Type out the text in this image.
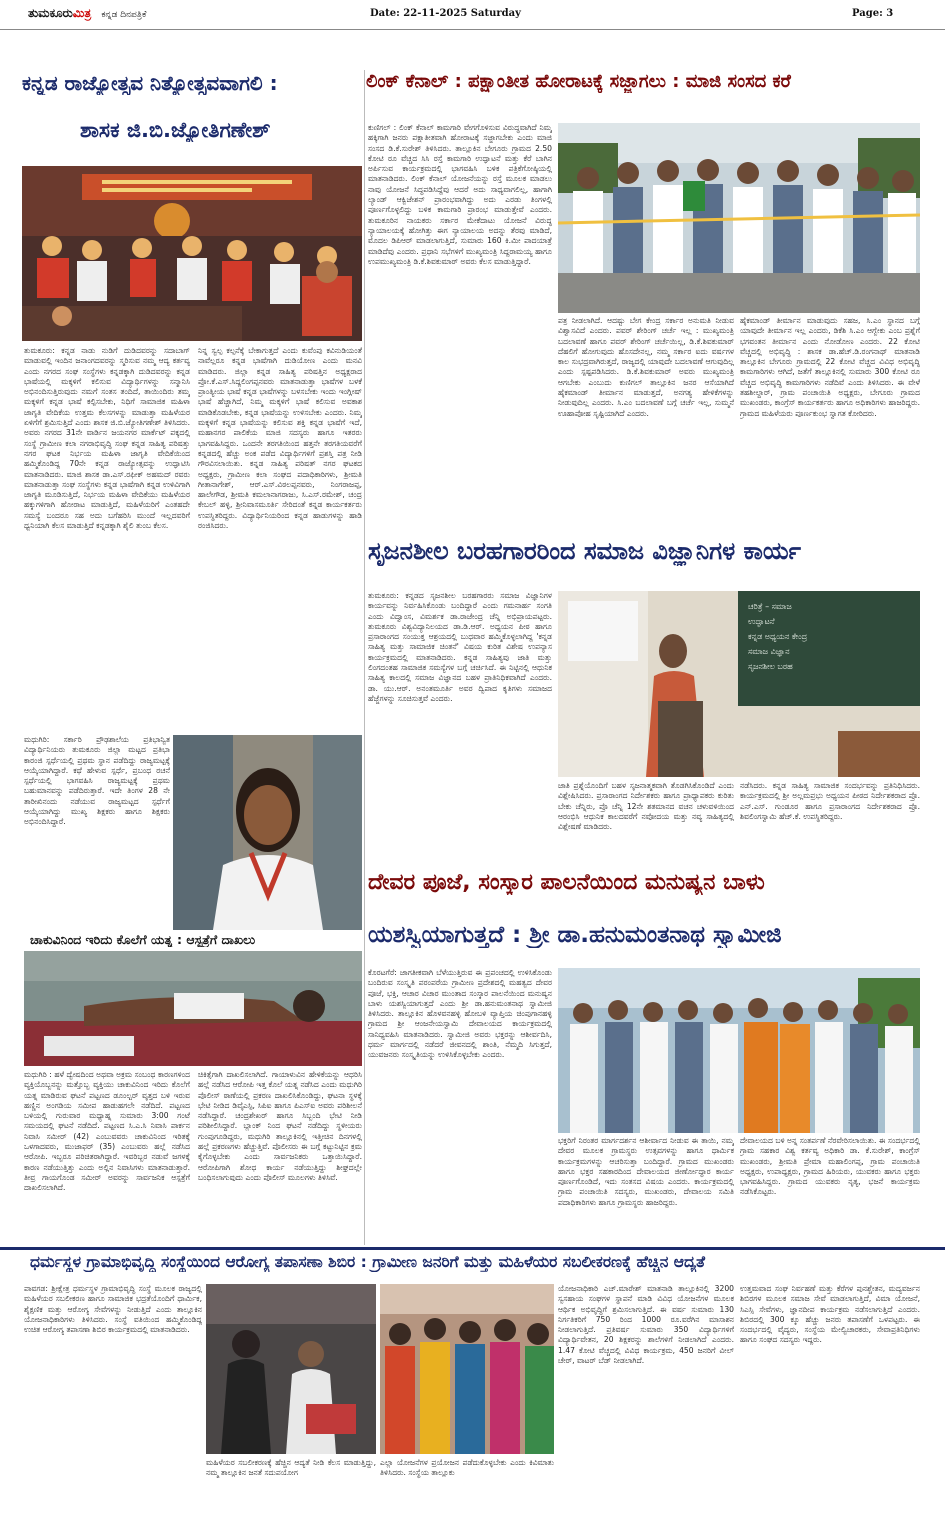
ತುಮಕೂರುಮಿತ್ರ ಕನ್ನಡ ದಿನಪತ್ರಿಕೆ	Date: 22-11-2025 Saturday	Page: 3
ಕನ್ನಡ ರಾಜ್ಯೋತ್ಸವ ನಿತ್ಯೋತ್ಸವವಾಗಲಿ :
ಶಾಸಕ ಜಿ.ಬಿ.ಜ್ಯೋತಿಗಣೇಶ್
ತುಮಕೂರು: ಕನ್ನಡ ನಾಡು ನುಡಿಗೆ ದುಡಿದವರನ್ನು ಸದಾಬಾಗ್ ಮಾಡುವಲ್ಲಿ ಇಂದಿನ ಜನಾಂಗದವರನ್ನು ಸ್ಮರಿಸುವ ನಮ್ಮ ಆದ್ಯ ಕರ್ತವ್ಯ ಎಂದು ನಗರದ ಸಂಘ ಸಂಸ್ಥೆಗಳು ಕನ್ನಡಕ್ಕಾಗಿ ದುಡಿದವರನ್ನು ಕನ್ನಡ ಭಾಷೆಯಲ್ಲಿ ಮಕ್ಕಳಿಗೆ ಕಲಿಸುವ ವಿದ್ಯಾರ್ಥಿಗಳನ್ನು ಸನ್ಮಾನಿಸಿ ಅಭಿನಂದಿಸುತ್ತಿರುವುದು ನಮಗೆ ಸಂತಸ ತಂದಿದೆ, ತಾಯಿಂದಿರು ತಮ್ಮ ಮಕ್ಕಳಿಗೆ ಕನ್ನಡ ಭಾಷೆ ಕಲ್ಪಿಸಬೇಕು, ನಿಧಿಗೆ ಸಾಮಾಜಿಕ ಮಹಿಳಾ ಜಾಗೃತಿ ವೇದಿಕೆಯ ಉತ್ತಮ ಕೆಲಸಗಳನ್ನು ಮಾಡುತ್ತಾ ಮಹಿಳೆಯರ ಏಳಿಗೆಗೆ ಶ್ರಮಿಸುತ್ತಿದೆ ಎಂದು ಶಾಸಕ ಜಿ.ಬಿ.ಜ್ಯೋತಿಗಣೇಶ್ ತಿಳಿಸಿದರು. ಅವರು ನಗರದ 31ನೇ ವಾರ್ಡಿನ ಜಯನಗರ ಮಾರ್ಕೆಟ್ ಪಕ್ಕದಲ್ಲಿ ಸಂಸ್ಥೆ ಗ್ರಾಮೀಣ ಕಲಾ ನಗರಾಭಿವೃದ್ಧಿ ಸಂಘ ಕನ್ನಡ ಸಾಹಿತ್ಯ ಪರಿಷತ್ತು ನಗರ ಘಟಕ ನಿರ್ಭಯ ಮಹಿಳಾ ಜಾಗೃತಿ ವೇದಿಕೆಯಿಂದ ಹಮ್ಮಿಕೊಂಡಿದ್ದ 70ನೇ ಕನ್ನಡ ರಾಜ್ಯೋತ್ಸವನ್ನು ಉದ್ಘಾಟಿಸಿ ಮಾತನಾಡಿದರು. ಮಾಜಿ ಶಾಸಕ ಡಾ.ಎಸ್.ರಫೀಕ್ ಅಹಮದ್ ರವರು ಮಾತನಾಡುತ್ತಾ ಸಂಘ ಸಂಸ್ಥೆಗಳು ಕನ್ನಡ ಭಾಷೆಗಾಗಿ ಕನ್ನಡ ಉಳಿವಿಗಾಗಿ ಜಾಗೃತಿ ಮೂಡಿಸುತ್ತಿದೆ, ನಿರ್ಭಯ ಮಹಿಳಾ ವೇದಿಕೆಯು ಮಹಿಳೆಯರ ಹಕ್ಕುಗಳಿಗಾಗಿ ಹೋರಾಟ ಮಾಡುತ್ತಿದೆ, ಮಹಿಳೆಯರಿಗೆ ಎಂತಹದೇ ಸಮಸ್ಯೆ ಬಂದರೂ ಸಹ ಅದು ಬಗೆಹರಿಸಿ ಮುಂದೆ ಇಲ್ಲದವರಿಗೆ ಧ್ವನಿಯಾಗಿ ಕೆಲಸ ಮಾಡುತ್ತಿದೆ ಕನ್ನಡಕ್ಕಾಗಿ ಶೈಲಿ ತುಂಬ ಕೆಲಸ.
ನಿನ್ನ ಸ್ವಲ್ಪ ಕಲ್ಪನೆಕ್ಕೆ ಬೇಕಾಗುತ್ತದೆ ಎಂದು ಕುವೆಂಪು ಕವಿನುಡಿಯಂತೆ ನಾವೆಲ್ಲರೂ ಕನ್ನಡ ಭಾಷೆಗಾಗಿ ದುಡಿಯೋಣ ಎಂದು ಮನವಿ ಮಾಡಿದರು. ಜಿಲ್ಲಾ ಕನ್ನಡ ಸಾಹಿತ್ಯ ಪರಿಷತ್ತಿನ ಅಧ್ಯಕ್ಷರಾದ ಪ್ರೋ.ಕೆ.ಎಸ್.ಸಿದ್ದಲಿಂಗಪ್ಪನವರು ಮಾತನಾಡುತ್ತಾ ಭಾಷೆಗಳ ಬಳಕೆ ಪ್ರಾಂತ್ಯೀಯ ಭಾಷೆ ಕನ್ನಡ ಭಾಷೆಗಳನ್ನು ಬಳಸಬೇಕು ಇಂದು ಇಂಗ್ಲೀಷ್ ಭಾಷೆ ಹೆಚ್ಚಾಗಿದೆ, ನಿಮ್ಮ ಮಕ್ಕಳಿಗೆ ಭಾಷೆ ಕಲಿಸುವ ಅವಕಾಶ ಮಾಡಿಕೊಡಬೇಕು, ಕನ್ನಡ ಭಾಷೆಯನ್ನು ಉಳಿಸಬೇಕು ಎಂದರು. ನಿಮ್ಮ ಮಕ್ಕಳಿಗೆ ಕನ್ನಡ ಭಾಷೆಯನ್ನು ಕಲಿಸುವ ಶಕ್ತಿ ಕನ್ನಡ ಭಾಷೆಗೆ ಇದೆ, ಮಹಾನಗರ ಪಾಲಿಕೆಯ ಮಾಜಿ ಸದಸ್ಯರು ಹಾಗೂ ಇತರರು ಭಾಗವಹಿಸಿದ್ದರು. ಒಂದನೇ ತರಗತಿಯಿಂದ ಹತ್ತನೇ ತರಗತಿಯವರೆಗೆ ಕನ್ನಡದಲ್ಲಿ ಹೆಚ್ಚು ಅಂಕ ಪಡೆದ ವಿದ್ಯಾರ್ಥಿಗಳಿಗೆ ಪ್ರಶಸ್ತಿ ಪತ್ರ ನೀಡಿ ಗೌರವಿಸಲಾಯಿತು. ಕನ್ನಡ ಸಾಹಿತ್ಯ ಪರಿಷತ್ ನಗರ ಘಟಕದ ಅಧ್ಯಕ್ಷರು, ಗ್ರಾಮೀಣ ಕಲಾ ಸಂಘದ ಪದಾಧಿಕಾರಿಗಳು, ಶ್ರೀಮತಿ ಗೀತಾನಾಗೇಶ್, ಆರ್.ಎಸ್.ವಿಠಲಪ್ಪನವರು, ನಿಂಗರಾಜಪ್ಪ, ಹಾಲೇಗೌಡ, ಶ್ರೀಮತಿ ಕಮಲಾನಾಗರಾಜು, ಸಿ.ಎಸ್.ರಮೇಶ್, ಚಂದ್ರ ಕೇಬಲ್ ಹಳ್ಳಿ, ಶ್ರೀನಿವಾಸಮೂರ್ತಿ ಸೇರಿದಂತೆ ಕನ್ನಡ ಕಾರ್ಯಕರ್ತರು ಉಪಸ್ಥಿತರಿದ್ದರು. ವಿದ್ಯಾರ್ಥಿನಿಯರಿಂದ ಕನ್ನಡ ಹಾಡುಗಳನ್ನು ಹಾಡಿ ರಂಜಿಸಿದರು.
ಮಧುಗಿರಿ: ಸರ್ಕಾರಿ ಪ್ರೌಢಶಾಲೆಯ ಪ್ರತಿಭಾನ್ವಿತ ವಿದ್ಯಾರ್ಥಿನಿಯರು ತುಮಕೂರು ಜಿಲ್ಲಾ ಮಟ್ಟದ ಪ್ರತಿಭಾ ಕಾರಂಜಿ ಸ್ಪರ್ಧೆಯಲ್ಲಿ ಪ್ರಥಮ ಸ್ಥಾನ ಪಡೆದಿದ್ದು ರಾಜ್ಯಮಟ್ಟಕ್ಕೆ ಆಯ್ಕೆಯಾಗಿದ್ದಾರೆ. ಕಥೆ ಹೇಳುವ ಸ್ಪರ್ಧೆ, ಪ್ರಬಂಧ ರಚನೆ ಸ್ಪರ್ಧೆಯಲ್ಲಿ ಭಾಗವಹಿಸಿ ರಾಜ್ಯಮಟ್ಟಕ್ಕೆ ಪ್ರಥಮ ಬಹುಮಾನವನ್ನು ಪಡೆದಿರುತ್ತಾರೆ. ಇದೇ ತಿಂಗಳ 28 ನೇ ತಾರೀಖಿನಂದು ನಡೆಯುವ ರಾಜ್ಯಮಟ್ಟದ ಸ್ಪರ್ಧೆಗೆ ಆಯ್ಕೆಯಾಗಿದ್ದು ಮುಖ್ಯ ಶಿಕ್ಷಕರು ಹಾಗೂ ಶಿಕ್ಷಕರು ಅಭಿನಂದಿಸಿದ್ದಾರೆ.
ಚಾಕುವಿನಿಂದ ಇರಿದು ಕೊಲೆಗೆ ಯತ್ನ : ಆಸ್ಪತ್ರೆಗೆ ದಾಖಲು
ಮಧುಗಿರಿ : ಹಳೆ ದ್ವೇಷದಿಂದ ಅಥವಾ ಅಕ್ರಮ ಸಂಬಂಧ ಕಾರಣಗಳಿಂದ ವ್ಯಕ್ತಿಯೊಬ್ಬನನ್ನು ಮತ್ತೊಬ್ಬ ವ್ಯಕ್ತಿಯು ಚಾಕುವಿನಿಂದ ಇರಿದು ಕೊಲೆಗೆ ಯತ್ನ ಮಾಡಿರುವ ಘಟನೆ ಪಟ್ಟಣದ ಡೂಂಲ್ಟರ್ ವೃತ್ತದ ಬಳಿ ಇರುವ ಹಣ್ಣಿನ ಅಂಗಡಿಯ ಸಮೀಪ ಹಾಡುಹಗಲೇ ನಡೆದಿದೆ. ಪಟ್ಟಣದ ಬಳಿಯಲ್ಲಿ ಗುರುವಾರ ಮಧ್ಯಾಹ್ನ ಸುಮಾರು 3:00 ಗಂಟೆ ಸಮಯದಲ್ಲಿ ಘಟನೆ ನಡೆದಿದೆ. ಪಟ್ಟಣದ ಸಿ.ಎ.ಸಿ ನಿವಾಸಿ ಪಾರ್ಕನ ನಿವಾಸಿ ಸಮೀರ್ (42) ಎಂಬುವವರು ಚಾಕುವಿನಿಂದ ಇರಿತಕ್ಕೆ ಒಳಗಾದವರು, ಮುಜಾಫರ್ (35) ಎಂಬುವರು ಹಲ್ಲೆ ನಡೆಸಿದ ಆರೋಪಿ. ಇಬ್ಬರೂ ಪರಿಚಿತರಾಗಿದ್ದಾರೆ. ಇವರಿಬ್ಬರ ನಡುವೆ ಜಗಳಕ್ಕೆ ಕಾರಣ ನಡೆಯುತ್ತಿತ್ತು ಎಂದು ಅಲ್ಲಿನ ನಿವಾಸಿಗಳು ಮಾತನಾಡುತ್ತಾರೆ. ತೀವ್ರ ಗಾಯಗೊಂಡ ಸಮೀರ್ ಅವರನ್ನು ಸಾರ್ವಜನಿಕ ಆಸ್ಪತ್ರೆಗೆ ದಾಖಲಿಸಲಾಗಿದೆ.
ಚಿಕಿತ್ಸೆಗಾಗಿ ದಾಖಲಿಸಲಾಗಿದೆ. ಗಾಯಾಳುವಿನ ಹೇಳಿಕೆಯನ್ನು ಆಧರಿಸಿ ಹಲ್ಲೆ ನಡೆಸಿದ ಆರೋಪಿ ಇತ್ತ ಕೊಲೆ ಯತ್ನ ನಡೆಸಿದ ಎಂದು ಮಧುಗಿರಿ ಪೊಲೀಸ್ ಠಾಣೆಯಲ್ಲಿ ಪ್ರಕರಣ ದಾಖಲಿಸಿಕೊಂಡಿದ್ದು, ಘಟನಾ ಸ್ಥಳಕ್ಕೆ ಭೇಟಿ ನೀಡಿದ ಡಿವೈಎಸ್ಪಿ, ಸಿಪಿಐ ಹಾಗೂ ಪಿಎಸ್ಐ ಅವರು ಪರಿಶೀಲನೆ ನಡೆಸಿದ್ದಾರೆ. ಚಂದ್ರಶೇಖರ್ ಹಾಗೂ ಸಿಬ್ಬಂದಿ ಭೇಟಿ ನೀಡಿ ಪರಿಶೀಲಿಸಿದ್ದಾರೆ. ಬ್ಲಾಂಕ್ ನಿಂದ ಘಟನೆ ನಡೆದಿದ್ದು ಸ್ಥಳೀಯರು ಗುಂಪುಗೂಡಿದ್ದರು, ಮಧುಗಿರಿ ತಾಲ್ಲೂಕಿನಲ್ಲಿ ಇತ್ತೀಚಿನ ದಿನಗಳಲ್ಲಿ ಹಲ್ಲೆ ಪ್ರಕರಣಗಳು ಹೆಚ್ಚುತ್ತಿವೆ. ಪೊಲೀಸರು ಈ ಬಗ್ಗೆ ಕಟ್ಟುನಿಟ್ಟಿನ ಕ್ರಮ ಕೈಗೊಳ್ಳಬೇಕು ಎಂದು ಸಾರ್ವಜನಿಕರು ಒತ್ತಾಯಿಸಿದ್ದಾರೆ. ಆರೋಪಿಗಾಗಿ ಶೋಧ ಕಾರ್ಯ ನಡೆಯುತ್ತಿದ್ದು ಶೀಘ್ರದಲ್ಲೇ ಬಂಧಿಸಲಾಗುವುದು ಎಂದು ಪೊಲೀಸ್ ಮೂಲಗಳು ತಿಳಿಸಿವೆ.
ಲಿಂಕ್ ಕೆನಾಲ್ : ಪಕ್ಷಾಂತೀತ ಹೋರಾಟಕ್ಕೆ ಸಜ್ಜಾಗಲು : ಮಾಜಿ ಸಂಸದ ಕರೆ
ಕುಣಿಗಲ್ : ಲಿಂಕ್ ಕೆನಾಲ್ ಕಾಮಗಾರಿ ವೇಗಗೊಳಿಸುವ ವಿರುದ್ಧವಾಗಿದೆ ನಿಮ್ಮ ಹಕ್ಕಿಗಾಗಿ ಜನರು ಪಕ್ಷಾತೀತವಾಗಿ ಹೋರಾಟಕ್ಕೆ ಸಜ್ಜಾಗಬೇಕು ಎಂದು ಮಾಜಿ ಸಂಸದ ಡಿ.ಕೆ.ಸುರೇಶ್ ತಿಳಿಸಿದರು. ತಾಲ್ಲೂಕಿನ ಬೇಗೂರು ಗ್ರಾಮದ 2.50 ಕೋಟಿ ರೂ ವೆಚ್ಚದ ಸಿಸಿ ರಸ್ತೆ ಕಾಮಗಾರಿ ಉದ್ಘಾಟನೆ ಮತ್ತು ಕೆರೆ ಬಾಗಿನ ಅರ್ಪಿಸುವ ಕಾರ್ಯಕ್ರಮದಲ್ಲಿ ಭಾಗವಹಿಸಿ ಬಳಿಕ ಪತ್ರಿಕೆಗೋಷ್ಠಿಯಲ್ಲಿ ಮಾತನಾಡಿದರು. ಲಿಂಕ್ ಕೆನಾಲ್ ಯೋಜನೆಯನ್ನು ರಸ್ತೆ ಮೂಲಕ ಮಾಡಲು ನಾವು ಯೋಜನೆ ಸಿದ್ಧಪಡಿಸಿದ್ದೆವು ಆದರೆ ಅದು ಸಾಧ್ಯವಾಗಲಿಲ್ಲ, ಹಾಗಾಗಿ ಲ್ಯಾಂಡ್ ಆಕ್ವಿಜೇಶನ್ ಪ್ರಾರಂಭವಾಗಿದ್ದು ಅದು ಎರಡು ತಿಂಗಳಲ್ಲಿ ಪೂರ್ಣಗೊಳ್ಳಲಿದ್ದು ಬಳಿಕ ಕಾಮಗಾರಿ ಪ್ರಾರಂಭ ಮಾಡುತ್ತೇವೆ ಎಂದರು. ತುಮಕೂರಿನ ನಾಯಕರು ಸರ್ಕಾರ ಮೇಕೆದಾಟು ಯೋಜನೆ ವಿರುದ್ಧ ನ್ಯಾಯಾಲಯಕ್ಕೆ ಹೋಗಿತ್ತು ಈಗ ನ್ಯಾಯಾಲಯ ಅದನ್ನು ತೆರವು ಮಾಡಿದೆ, ಮೊದಲ ಡಿಪಿಆರ್ ಮಾಡಲಾಗುತ್ತಿದೆ, ಸುಮಾರು 160 ಕಿ.ಮೀ ಪಾದಯಾತ್ರೆ ಮಾಡಿದೆವು ಎಂದರು. ಪ್ರಧಾನಿ ಸಭೆಗಳಿಗೆ ಮುಖ್ಯಮಂತ್ರಿ ಸಿದ್ದರಾಮಯ್ಯ ಹಾಗೂ ಉಪಮುಖ್ಯಮಂತ್ರಿ ಡಿ.ಕೆ.ಶಿವಕುಮಾರ್ ಅವರು ಕೆಲಸ ಮಾಡುತ್ತಿದ್ದಾರೆ.
ಪತ್ರ ನೀಡಲಾಗಿದೆ. ಆದಷ್ಟು ಬೇಗ ಕೇಂದ್ರ ಸರ್ಕಾರ ಅನುಮತಿ ನೀಡುವ ವಿಶ್ವಾಸವಿದೆ ಎಂದರು. ಪವರ್ ಶೇರಿಂಗ್ ಚರ್ಚೆ ಇಲ್ಲ : ಮುಖ್ಯಮಂತ್ರಿ ಬದಲಾವಣೆ ಹಾಗೂ ಪವರ್ ಶೇರಿಂಗ್ ಚರ್ಚೆಯಿಲ್ಲ, ಡಿ.ಕೆ.ಶಿವಕುಮಾರ್ ದೆಹಲಿಗೆ ಹೋಗುವುದು ಹೊಸದೇನಲ್ಲ, ನಮ್ಮ ಸರ್ಕಾರ ಐದು ವರ್ಷಗಳ ಕಾಲ ಸುಭದ್ರವಾಗಿರುತ್ತದೆ, ರಾಜ್ಯದಲ್ಲಿ ಯಾವುದೇ ಬದಲಾವಣೆ ಆಗುವುದಿಲ್ಲ ಎಂದು ಸ್ಪಷ್ಟಪಡಿಸಿದರು. ಡಿ.ಕೆ.ಶಿವಕುಮಾರ್ ಅವರು ಮುಖ್ಯಮಂತ್ರಿ ಆಗಬೇಕು ಎಂಬುದು ಕುಣಿಗಲ್ ತಾಲ್ಲೂಕಿನ ಜನರ ಆಸೆಯಾಗಿದೆ ಹೈಕಮಾಂಡ್ ತೀರ್ಮಾನ ಮಾಡುತ್ತದೆ, ಅನಗತ್ಯ ಹೇಳಿಕೆಗಳನ್ನು ನೀಡುವುದಿಲ್ಲ ಎಂದರು. ಸಿ.ಎಂ ಬದಲಾವಣೆ ಬಗ್ಗೆ ಚರ್ಚೆ ಇಲ್ಲ, ಸುಮ್ಮನೆ ಊಹಾಪೋಹ ಸೃಷ್ಟಿಯಾಗಿದೆ ಎಂದರು.
ಹೈಕಮಾಂಡ್ ತೀರ್ಮಾನ ಮಾಡುವುದು ಸಹಜ, ಸಿ.ಎಂ ಸ್ಥಾನದ ಬಗ್ಗೆ ಯಾವುದೇ ತೀರ್ಮಾನ ಇಲ್ಲ ಎಂದರು, ಡಿಕೆಶಿ ಸಿ.ಎಂ ಆಗ್ಬೇಕು ಎಂಬ ಪ್ರಶ್ನೆಗೆ ಭಗವಂತನ ತೀರ್ಮಾನ ಎಂದು ನೋಡೋಣ ಎಂದರು. 22 ಕೋಟಿ ವೆಚ್ಚದಲ್ಲಿ ಅಭಿವೃದ್ಧಿ : ಶಾಸಕ ಡಾ.ಹೆಚ್.ಡಿ.ರಂಗನಾಥ್ ಮಾತನಾಡಿ ತಾಲ್ಲೂಕಿನ ಬೇಗೂರು ಗ್ರಾಮದಲ್ಲಿ 22 ಕೋಟಿ ವೆಚ್ಚದ ವಿವಿಧ ಅಭಿವೃದ್ಧಿ ಕಾಮಗಾರಿಗಳು ಆಗಿದೆ, ಜತೆಗೆ ತಾಲ್ಲೂಕಿನಲ್ಲಿ ಸುಮಾರು 300 ಕೋಟಿ ರೂ ವೆಚ್ಚದ ಅಭಿವೃದ್ಧಿ ಕಾಮಗಾರಿಗಳು ನಡೆದಿವೆ ಎಂದು ತಿಳಿಸಿದರು. ಈ ವೇಳೆ ತಹಶೀಲ್ದಾರ್, ಗ್ರಾಮ ಪಂಚಾಯಿತಿ ಅಧ್ಯಕ್ಷರು, ಬೇಗೂರು ಗ್ರಾಮದ ಮುಖಂಡರು, ಕಾಂಗ್ರೆಸ್ ಕಾರ್ಯಕರ್ತರು ಹಾಗೂ ಅಧಿಕಾರಿಗಳು ಹಾಜರಿದ್ದರು. ಗ್ರಾಮದ ಮಹಿಳೆಯರು ಪೂರ್ಣಕುಂಭ ಸ್ವಾಗತ ಕೋರಿದರು.
ಸೃಜನಶೀಲ ಬರಹಗಾರರಿಂದ ಸಮಾಜ ವಿಜ್ಞಾನಿಗಳ ಕಾರ್ಯ
ತುಮಕೂರು: ಕನ್ನಡದ ಸೃಜನಶೀಲ ಬರಹಗಾರರು ಸಮಾಜ ವಿಜ್ಞಾನಿಗಳ ಕಾರ್ಯವನ್ನು ನಿರ್ವಹಿಸಿಕೊಂಡು ಬಂದಿದ್ದಾರೆ ಎಂದು ಗಮನಾರ್ಹ ಸಂಗತಿ ಎಂದು ವಿದ್ವಾಂಸ, ವಿಮರ್ಶಕ ಡಾ.ರಾಜೇಂದ್ರ ಚೆನ್ನಿ ಅಭಿಪ್ರಾಯಪಟ್ಟರು. ತುಮಕೂರು ವಿಶ್ವವಿದ್ಯಾನಿಲಯದ ಡಾ.ಡಿ.ಆರ್. ಅಧ್ಯಯನ ಪೀಠ ಹಾಗೂ ಪ್ರಸಾರಾಂಗದ ಸಂಯುಕ್ತ ಆಶ್ರಯದಲ್ಲಿ ಬುಧವಾರ ಹಮ್ಮಿಕೊಳ್ಳಲಾಗಿದ್ದ 'ಕನ್ನಡ ಸಾಹಿತ್ಯ ಮತ್ತು ಸಾಮಾಜಿಕ ಚಿಂತನೆ' ವಿಷಯ ಕುರಿತ ವಿಶೇಷ ಉಪನ್ಯಾಸ ಕಾರ್ಯಕ್ರಮದಲ್ಲಿ ಮಾತನಾಡಿದರು. ಕನ್ನಡ ಸಾಹಿತ್ಯವು ಜಾತಿ ಮತ್ತು ಲಿಂಗದಂತಹ ಸಾಮಾಜಿಕ ಸಮಸ್ಯೆಗಳ ಬಗ್ಗೆ ಚರ್ಚಿಸಿದೆ. ಈ ನಿಟ್ಟಿನಲ್ಲಿ ಆಧುನಿಕ ಸಾಹಿತ್ಯ ಕಾಲದಲ್ಲಿ ಸಮಾಜ ವಿಜ್ಞಾನದ ಬಹಳ ಪ್ರಾತಿನಿಧಿಕವಾಗಿದೆ ಎಂದರು. ಡಾ. ಯು.ಆರ್. ಅನಂತಮೂರ್ತಿ ಅವರ ದ್ವಿಪಾದ ಕೃತಿಗಳು ಸಮಾಜದ ಹೆಜ್ಜೆಗಳನ್ನು ಸೂಚಿಸುತ್ತವೆ ಎಂದರು.
ಚರಿತ್ರೆ – ಸಮಾಜ
ಉದ್ಘಾಟನೆ
ಕನ್ನಡ ಅಧ್ಯಯನ ಕೇಂದ್ರ
ಸಮಾಜ ವಿಜ್ಞಾನ
ಸೃಜನಶೀಲ ಬರಹ
ಜಾತಿ ಪ್ರಶ್ನೆಯೊಂದಿಗೆ ಬಹಳ ಸೃಜನಾತ್ಮಕವಾಗಿ ತೊಡಗಿಸಿಕೊಂಡಿದೆ ಎಂದು ವಿಶ್ಲೇಷಿಸಿದರು. ಪ್ರಸಾರಾಂಗದ ನಿರ್ದೇಶಕರು ಹಾಗೂ ಪ್ರಾಧ್ಯಾಪಕರು ಕುರಿತು ಬೇಕು ಚೆನ್ನಿರು, ಪ್ರೊ ಚೆನ್ನಿ 12ನೇ ಶತಮಾನದ ವಚನ ಚಳುವಳಿಯಿಂದ ಆರಂಭಿಸಿ ಆಧುನಿಕ ಕಾಲದವರೆಗೆ ನವೋದಯ ಮತ್ತು ನವ್ಯ ಸಾಹಿತ್ಯದಲ್ಲಿ ವಿಶ್ಲೇಷಣೆ ಮಾಡಿದರು.
ನಡೆಸಿದರು. ಕನ್ನಡ ಸಾಹಿತ್ಯ ಸಾಮಾಜಿಕ ಸಂದರ್ಭವನ್ನು ಪ್ರತಿನಿಧಿಸಿದರು. ಕಾರ್ಯಕ್ರಮದಲ್ಲಿ ಶ್ರೀ ಅಲ್ಲಮಪ್ರಭು ಅಧ್ಯಯನ ಪೀಠದ ನಿರ್ದೇಶಕರಾದ ಪ್ರೊ. ಎನ್.ಎಸ್. ಗುಂಡೂರ ಹಾಗೂ ಪ್ರಸಾರಾಂಗದ ನಿರ್ದೇಶಕರಾದ ಪ್ರೊ. ಶಿವಲಿಂಗಸ್ವಾಮಿ ಹೆಚ್.ಕೆ. ಉಪಸ್ಥಿತರಿದ್ದರು.
ದೇವರ ಪೂಜೆ, ಸಂಸ್ಕಾರ ಪಾಲನೆಯಿಂದ ಮನುಷ್ಯನ ಬಾಳು
ಯಶಸ್ವಿಯಾಗುತ್ತದೆ : ಶ್ರೀ ಡಾ.ಹನುಮಂತನಾಥ ಸ್ವಾಮೀಜಿ
ಕೊರಟಗೆರೆ: ಜಾಗತೀಕವಾಗಿ ಬೆಳೆಯುತ್ತಿರುವ ಈ ಪ್ರಪಂಚದಲ್ಲಿ ಉಳಿಸಿಕೊಂಡು ಬಂದಿರುವ ಸಂಸ್ಕೃತಿ ಪರಂಪರೆಯ ಗ್ರಾಮೀಣ ಪ್ರದೇಶದಲ್ಲಿ ಮಹತ್ವದ ದೇವರ ಪೂಜೆ, ಭಕ್ತಿ, ಆಚಾರ ವಿಚಾರ ಮುಂತಾದ ಸಂಸ್ಕಾರ ಪಾಲನೆಯಿಂದ ಮನುಷ್ಯನ ಬಾಳು ಯಶಸ್ವಿಯಾಗುತ್ತದೆ ಎಂದು ಶ್ರೀ ಡಾ.ಹನುಮಂತನಾಥ ಸ್ವಾಮೀಜಿ ತಿಳಿಸಿದರು. ತಾಲ್ಲೂಕಿನ ಹೊಳವನಹಳ್ಳಿ ಹೋಬಳಿ ವ್ಯಾಪ್ತಿಯ ಚಿಂಪುಗಾನಹಳ್ಳಿ ಗ್ರಾಮದ ಶ್ರೀ ಆಂಜನೇಯಸ್ವಾಮಿ ದೇವಾಲಯದ ಕಾರ್ಯಕ್ರಮದಲ್ಲಿ ಸಾನಿಧ್ಯವಹಿಸಿ ಮಾತನಾಡಿದರು. ಸ್ವಾಮೀಜಿ ಅವರು ಭಕ್ತರನ್ನು ಆಶೀರ್ವದಿಸಿ, ಧರ್ಮ ಮಾರ್ಗದಲ್ಲಿ ನಡೆದರೆ ಜೀವನದಲ್ಲಿ ಶಾಂತಿ, ನೆಮ್ಮದಿ ಸಿಗುತ್ತದೆ, ಯುವಜನರು ಸಂಸ್ಕೃತಿಯನ್ನು ಉಳಿಸಿಕೊಳ್ಳಬೇಕು ಎಂದರು.
ಭಕ್ತರಿಗೆ ನಿರಂತರ ಮಾರ್ಗದರ್ಶನ ಆಶೀರ್ವಾದ ನೀಡುವ ಈ ತಾಯಿ, ನಮ್ಮ ದೇವರ ಮೂಲಕ ಗ್ರಾಮಸ್ಥರು ಉತ್ಸವಗಳನ್ನು ಹಾಗೂ ಧಾರ್ಮಿಕ ಕಾರ್ಯಕ್ರಮಗಳನ್ನು ಆಚರಿಸುತ್ತಾ ಬಂದಿದ್ದಾರೆ. ಗ್ರಾಮದ ಮುಖಂಡರು ಹಾಗೂ ಭಕ್ತರ ಸಹಕಾರದಿಂದ ದೇವಾಲಯದ ಜೀರ್ಣೋದ್ಧಾರ ಕಾರ್ಯ ಪೂರ್ಣಗೊಂಡಿದೆ, ಇದು ಸಂತಸದ ವಿಷಯ ಎಂದರು. ಕಾರ್ಯಕ್ರಮದಲ್ಲಿ ಗ್ರಾಮ ಪಂಚಾಯಿತಿ ಸದಸ್ಯರು, ಮುಖಂಡರು, ದೇವಾಲಯ ಸಮಿತಿ ಪದಾಧಿಕಾರಿಗಳು ಹಾಗೂ ಗ್ರಾಮಸ್ಥರು ಹಾಜರಿದ್ದರು.
ದೇವಾಲಯದ ಬಳಿ ಅನ್ನ ಸಂತರ್ಪಣೆ ನೆರವೇರಿಸಲಾಯಿತು. ಈ ಸಂದರ್ಭದಲ್ಲಿ ಗ್ರಾಮ ಸಹಕಾರ ವಿಶ್ವ ಕರ್ತವ್ಯ ಅಧಿಕಾರಿ ಡಾ. ಕೆ.ಸುರೇಶ್, ಕಾಂಗ್ರೆಸ್ ಮುಖಂಡರು, ಶ್ರೀಮತಿ ಪ್ರೇಮಾ ಮಹಾಲಿಂಗಪ್ಪ, ಗ್ರಾಮ ಪಂಚಾಯಿತಿ ಅಧ್ಯಕ್ಷರು, ಉಪಾಧ್ಯಕ್ಷರು, ಗ್ರಾಮದ ಹಿರಿಯರು, ಯುವಕರು ಹಾಗೂ ಭಕ್ತರು ಭಾಗವಹಿಸಿದ್ದರು. ಗ್ರಾಮದ ಯುವಕರು ನೃತ್ಯ, ಭಜನೆ ಕಾರ್ಯಕ್ರಮ ನಡೆಸಿಕೊಟ್ಟರು.
ಧರ್ಮಸ್ಥಳ ಗ್ರಾಮಾಭಿವೃದ್ಧಿ ಸಂಸ್ಥೆಯಿಂದ ಆರೋಗ್ಯ ತಪಾಸಣಾ ಶಿಬಿರ : ಗ್ರಾಮೀಣ ಜನರಿಗೆ ಮತ್ತು ಮಹಿಳೆಯರ ಸಬಲೀಕರಣಕ್ಕೆ ಹೆಚ್ಚಿನ ಆದ್ಯತೆ
ಪಾವಗಡ: ಶ್ರೀಕ್ಷೇತ್ರ ಧರ್ಮಸ್ಥಳ ಗ್ರಾಮಾಭಿವೃದ್ಧಿ ಸಂಸ್ಥೆ ಮೂಲಕ ರಾಜ್ಯದಲ್ಲಿ ಮಹಿಳೆಯರ ಸಬಲೀಕರಣ ಹಾಗೂ ಸಾಮಾಜಿಕ ಭದ್ರತೆಯೊಂದಿಗೆ ಧಾರ್ಮಿಕ, ಶೈಕ್ಷಣಿಕ ಮತ್ತು ಆರೋಗ್ಯ ಸೇವೆಗಳನ್ನು ನೀಡುತ್ತಿದೆ ಎಂದು ತಾಲ್ಲೂಕಿನ ಯೋಜನಾಧಿಕಾರಿಗಳು ತಿಳಿಸಿದರು. ಸಂಸ್ಥೆ ವತಿಯಿಂದ ಹಮ್ಮಿಕೊಂಡಿದ್ದ ಉಚಿತ ಆರೋಗ್ಯ ತಪಾಸಣಾ ಶಿಬಿರ ಕಾರ್ಯಕ್ರಮದಲ್ಲಿ ಮಾತನಾಡಿದರು.
ಮಹಿಳೆಯರ ಸಬಲೀಕರಣಕ್ಕೆ ಹೆಚ್ಚಿನ ಆದ್ಯತೆ ನೀಡಿ ಕೆಲಸ ಮಾಡುತ್ತಿದ್ದು, ನಮ್ಮ ತಾಲ್ಲೂಕಿನ ಜನತೆ ಸದುಪಯೋಗ
ಎಲ್ಲಾ ಯೋಜನೆಗಳ ಪ್ರಯೋಜನ ಪಡೆದುಕೊಳ್ಳಬೇಕು ಎಂದು ಕಿವಿಮಾತು ತಿಳಿಸಿದರು. ಸಂಸ್ಥೆಯ ತಾಲ್ಲೂಕು
ಯೋಜನಾಧಿಕಾರಿ ಎಚ್.ಮಾರೇಶ್ ಮಾತನಾಡಿ ತಾಲ್ಲೂಕಿನಲ್ಲಿ 3200 ಸ್ವಸಹಾಯ ಸಂಘಗಳ ಸ್ಥಾಪನೆ ಮಾಡಿ ವಿವಿಧ ಯೋಜನೆಗಳ ಮೂಲಕ ಆರ್ಥಿಕ ಅಭಿವೃದ್ಧಿಗೆ ಶ್ರಮಿಸಲಾಗುತ್ತಿದೆ. ಈ ವರ್ಷ ಸುಮಾರು 130 ನಿರ್ಗತಿಕರಿಗೆ 750 ರಿಂದ 1000 ರೂ.ವರೆಗಿನ ಮಾಸಾಶನ ನೀಡಲಾಗುತ್ತಿದೆ. ಪ್ರತಿವರ್ಷ ಸುಮಾರು 350 ವಿದ್ಯಾರ್ಥಿಗಳಿಗೆ ವಿದ್ಯಾರ್ಥಿವೇತನ, 20 ಶಿಕ್ಷಕರನ್ನು ಶಾಲೆಗಳಿಗೆ ನೀಡಲಾಗಿದೆ ಎಂದರು. 1.47 ಕೋಟಿ ವೆಚ್ಚದಲ್ಲಿ ವಿವಿಧ ಕಾರ್ಯಕ್ರಮ, 450 ಜನರಿಗೆ ವೀಲ್ ಚೇರ್, ವಾಟರ್ ಬೆಡ್ ನೀಡಲಾಗಿದೆ.
ಉತ್ತಮವಾದ ಸಂಘ ನಿರ್ವಹಣೆ ಮತ್ತು ಕೆರೆಗಳ ಪುನಶ್ಚೇತನ, ಮದ್ಯವರ್ಜನ ಶಿಬಿರಗಳ ಮೂಲಕ ಸಮಾಜ ಸೇವೆ ಮಾಡಲಾಗುತ್ತಿದೆ, ವಿಮಾ ಯೋಜನೆ, ಸಿಎಸ್ಸಿ ಸೇವೆಗಳು, ಜ್ಞಾನದೀಪ ಕಾರ್ಯಕ್ರಮ ನಡೆಸಲಾಗುತ್ತಿದೆ ಎಂದರು. ಶಿಬಿರದಲ್ಲಿ 300 ಕ್ಕೂ ಹೆಚ್ಚು ಜನರು ತಪಾಸಣೆಗೆ ಒಳಪಟ್ಟರು. ಈ ಸಂದರ್ಭದಲ್ಲಿ ವೈದ್ಯರು, ಸಂಸ್ಥೆಯ ಮೇಲ್ವಿಚಾರಕರು, ಸೇವಾಪ್ರತಿನಿಧಿಗಳು ಹಾಗೂ ಸಂಘದ ಸದಸ್ಯರು ಇದ್ದರು.
